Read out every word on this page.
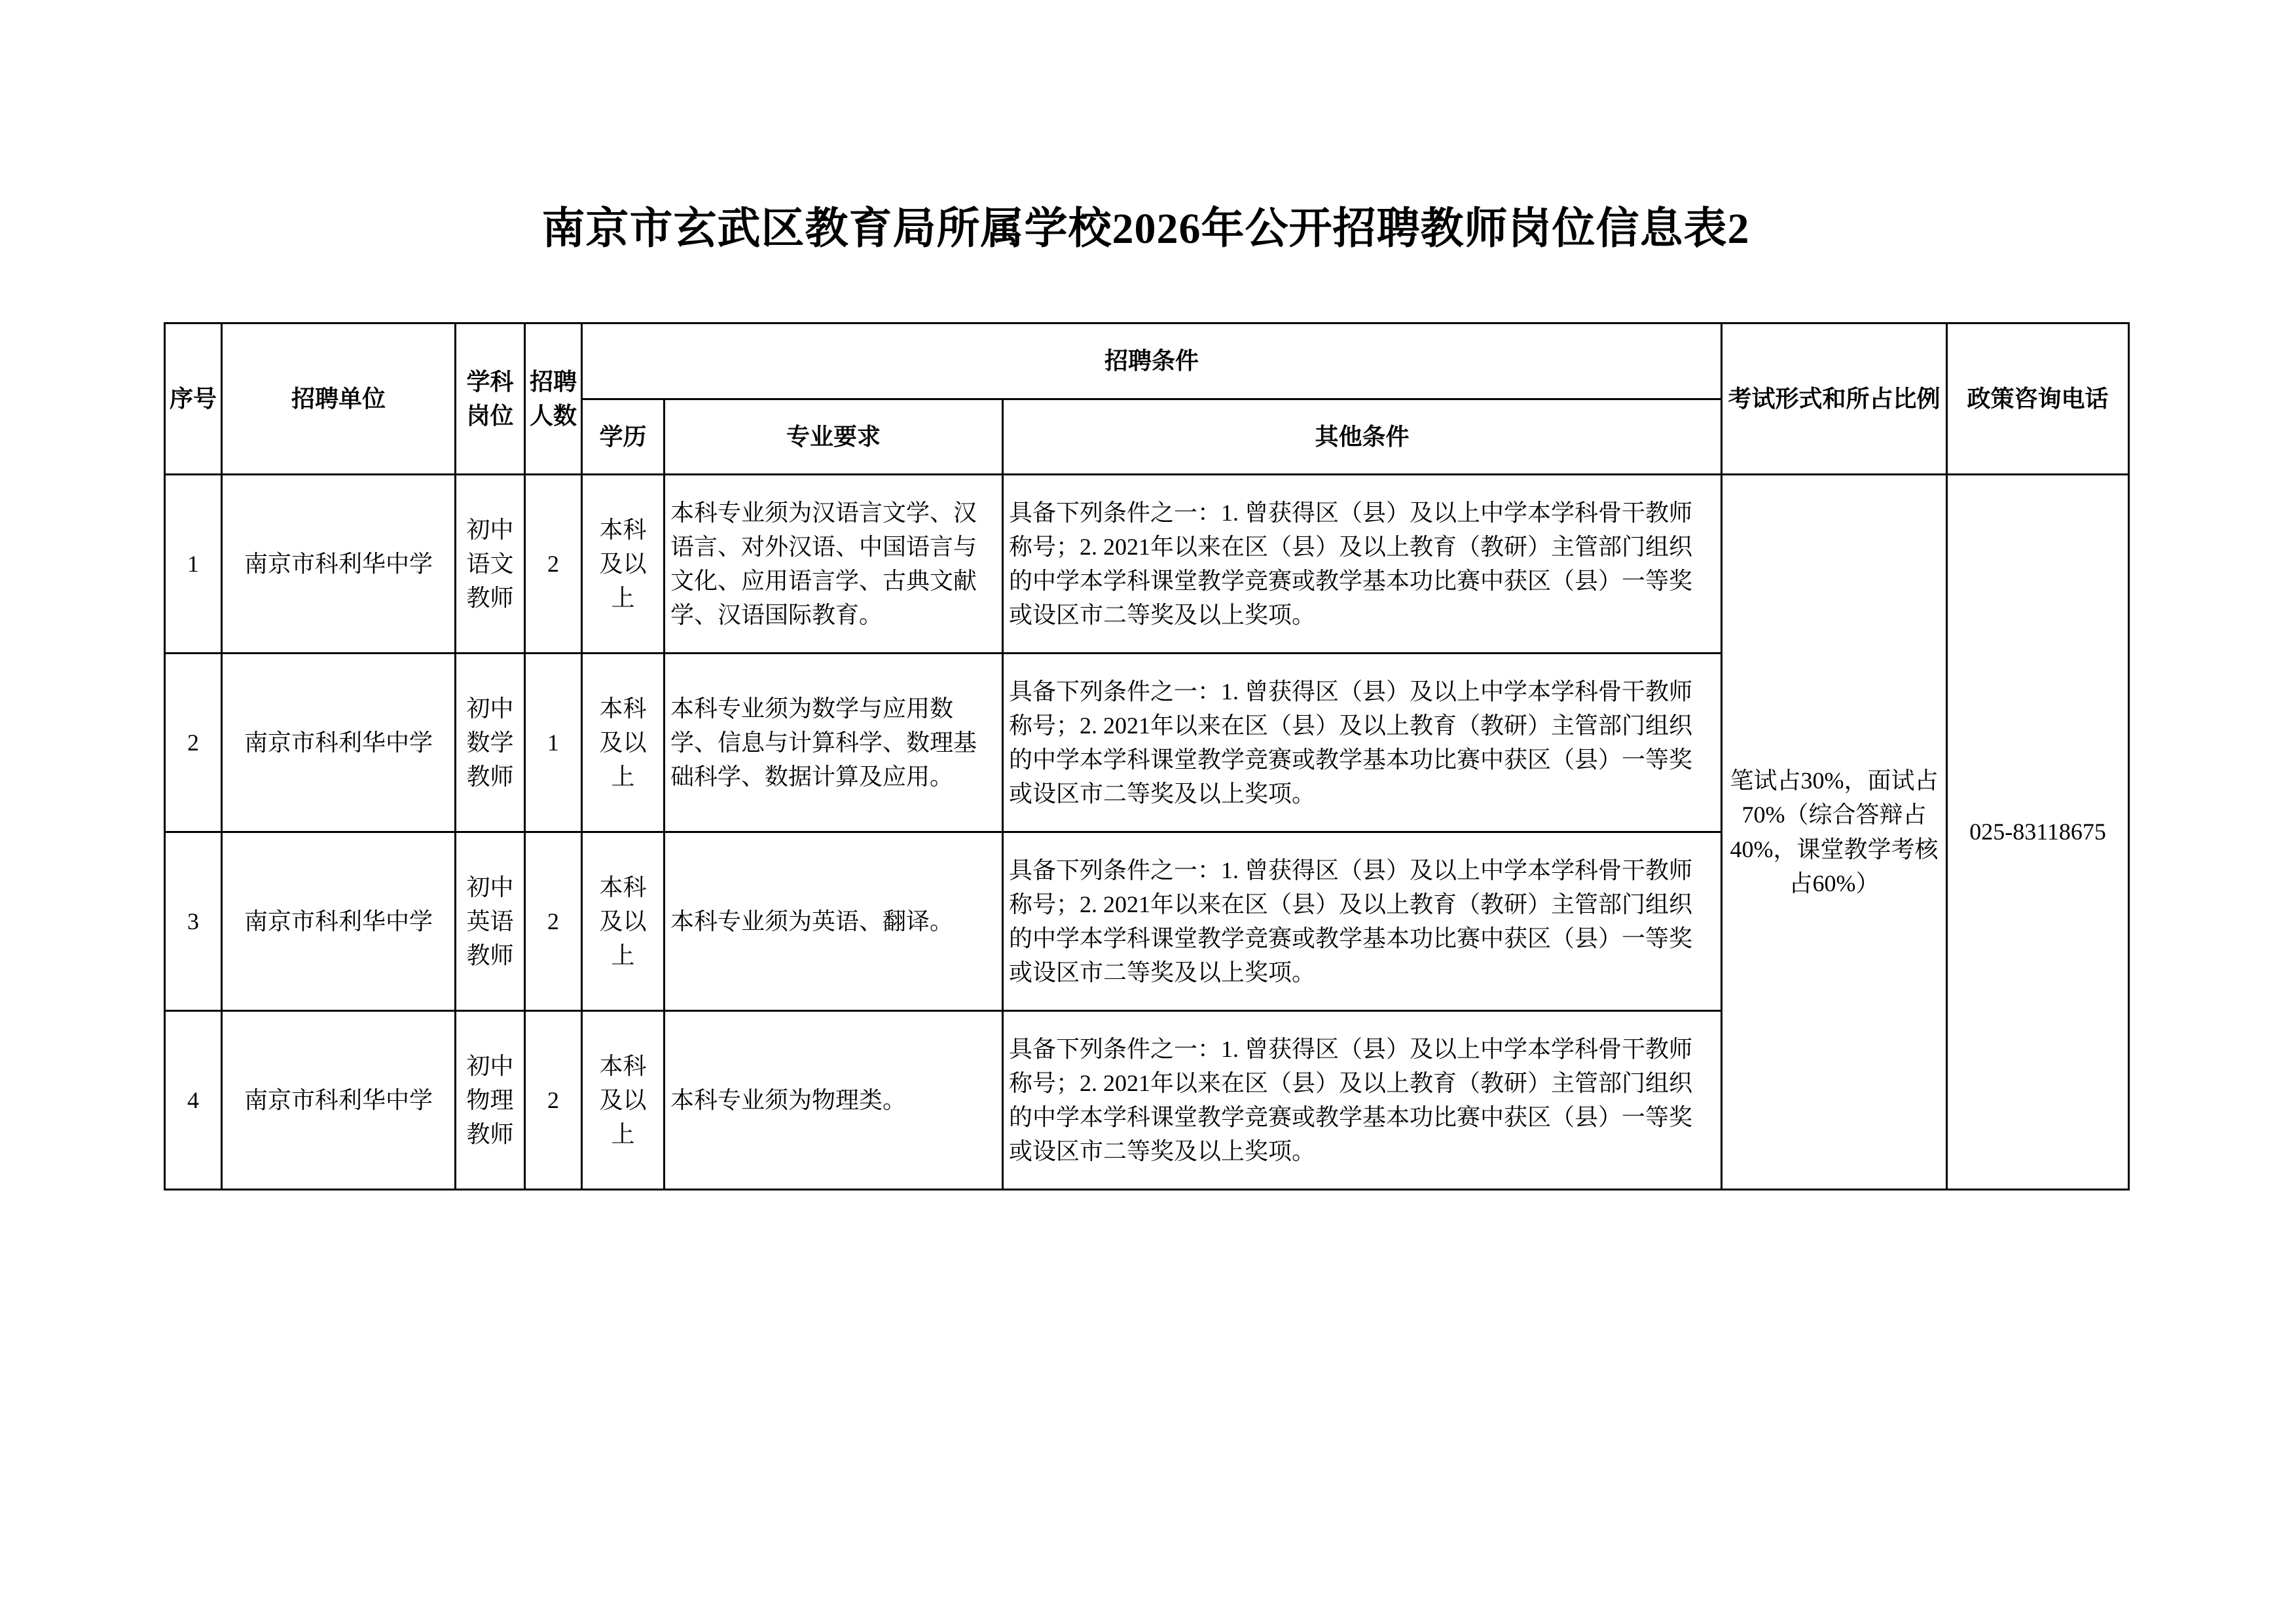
南京市玄武区教育局所属学校2026年公开招聘教师岗位信息表2
序号	招聘单位	学科岗位	招聘人数	招聘条件			考试形式和所占比例	政策咨询电话
				学历	专业要求	其他条件		
1	南京市科利华中学	初中语文教师	2	本科及以上	本科专业须为汉语言文学、汉语言、对外汉语、中国语言与文化、应用语言学、古典文献学、汉语国际教育。	具备下列条件之一：1. 曾获得区（县）及以上中学本学科骨干教师称号；2. 2021年以来在区（县）及以上教育（教研）主管部门组织的中学本学科课堂教学竞赛或教学基本功比赛中获区（县）一等奖或设区市二等奖及以上奖项。	笔试占30%，面试占70%（综合答辩占40%，课堂教学考核占60%）	025-83118675
2	南京市科利华中学	初中数学教师	1	本科及以上	本科专业须为数学与应用数学、信息与计算科学、数理基础科学、数据计算及应用。	具备下列条件之一：1. 曾获得区（县）及以上中学本学科骨干教师称号；2. 2021年以来在区（县）及以上教育（教研）主管部门组织的中学本学科课堂教学竞赛或教学基本功比赛中获区（县）一等奖或设区市二等奖及以上奖项。		
3	南京市科利华中学	初中英语教师	2	本科及以上	本科专业须为英语、翻译。	具备下列条件之一：1. 曾获得区（县）及以上中学本学科骨干教师称号；2. 2021年以来在区（县）及以上教育（教研）主管部门组织的中学本学科课堂教学竞赛或教学基本功比赛中获区（县）一等奖或设区市二等奖及以上奖项。		
4	南京市科利华中学	初中物理教师	2	本科及以上	本科专业须为物理类。	具备下列条件之一：1. 曾获得区（县）及以上中学本学科骨干教师称号；2. 2021年以来在区（县）及以上教育（教研）主管部门组织的中学本学科课堂教学竞赛或教学基本功比赛中获区（县）一等奖或设区市二等奖及以上奖项。		
